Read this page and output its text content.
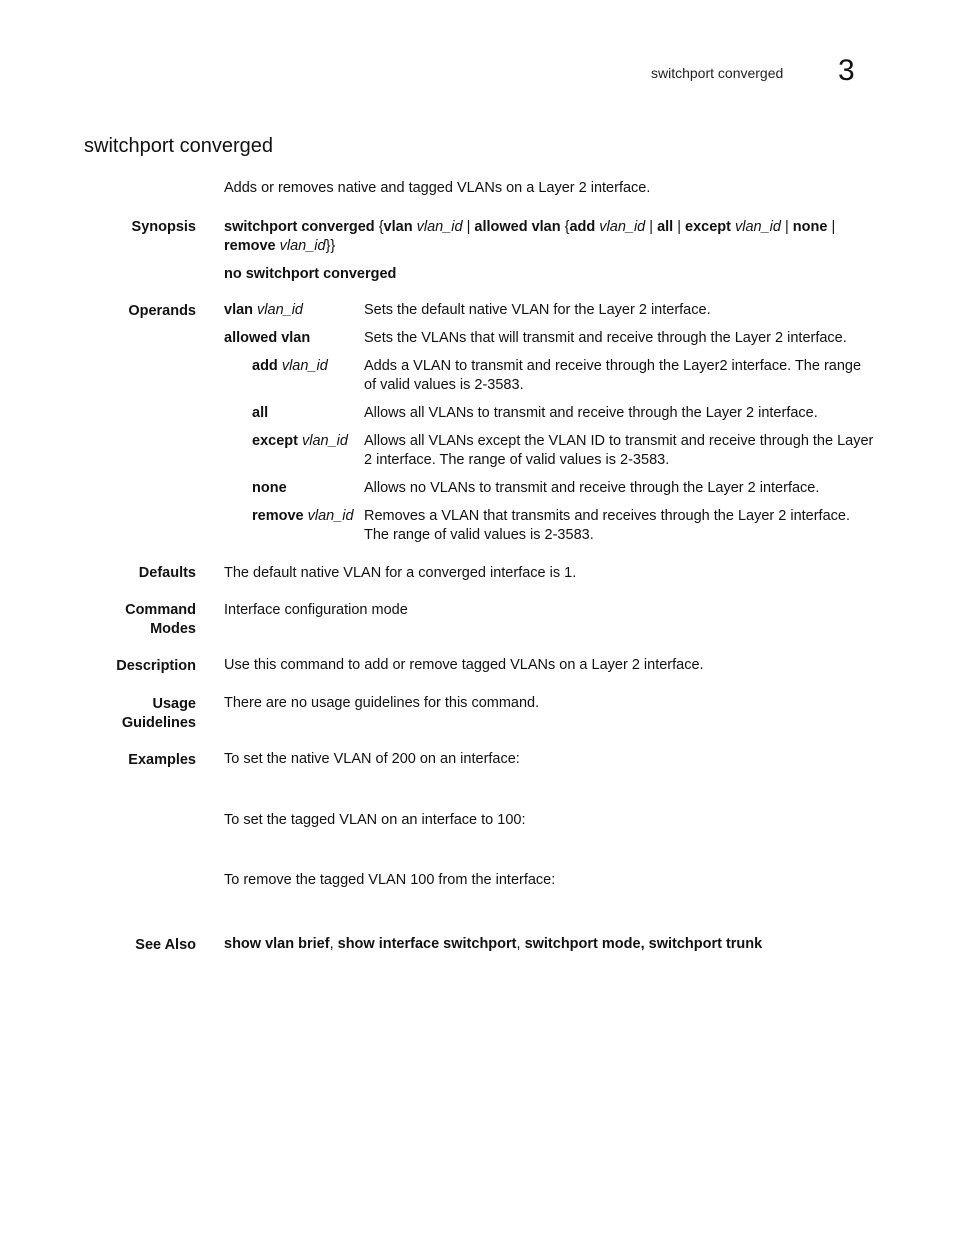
switchport converged 3
switchport converged
Adds or removes native and tagged VLANs on a Layer 2 interface.
Synopsis switchport converged {vlan vlan_id | allowed vlan {add vlan_id | all | except vlan_id | none |
remove vlan_id}}
no switchport converged
Operands vlan vlan_id	Sets the default native VLAN for the Layer 2 interface.
allowed vlan	Sets the VLANs that will transmit and receive through the Layer 2 interface.
add vlan_id Adds a VLAN to transmit and receive through the Layer2 interface. The range of valid values is 2-3583.
all	Allows all VLANs to transmit and receive through the Layer 2 interface.
except vlan_id Allows all VLANs except the VLAN ID to transmit and receive through the Layer 2 interface. The range of valid values is 2-3583.
none	Allows no VLANs to transmit and receive through the Layer 2 interface.
remove vlan_id Removes a VLAN that transmits and receives through the Layer 2 interface. The range of valid values is 2-3583.
Defaults The default native VLAN for a converged interface is 1.
Command
Modes
Interface configuration mode
Description Use this command to add or remove tagged VLANs on a Layer 2 interface.
Usage
Guidelines
There are no usage guidelines for this command.
Examples To set the native VLAN of 200 on an interface:
To set the tagged VLAN on an interface to 100:
To remove the tagged VLAN 100 from the interface:
See Also show vlan brief, show interface switchport, switchport mode, switchport trunk
